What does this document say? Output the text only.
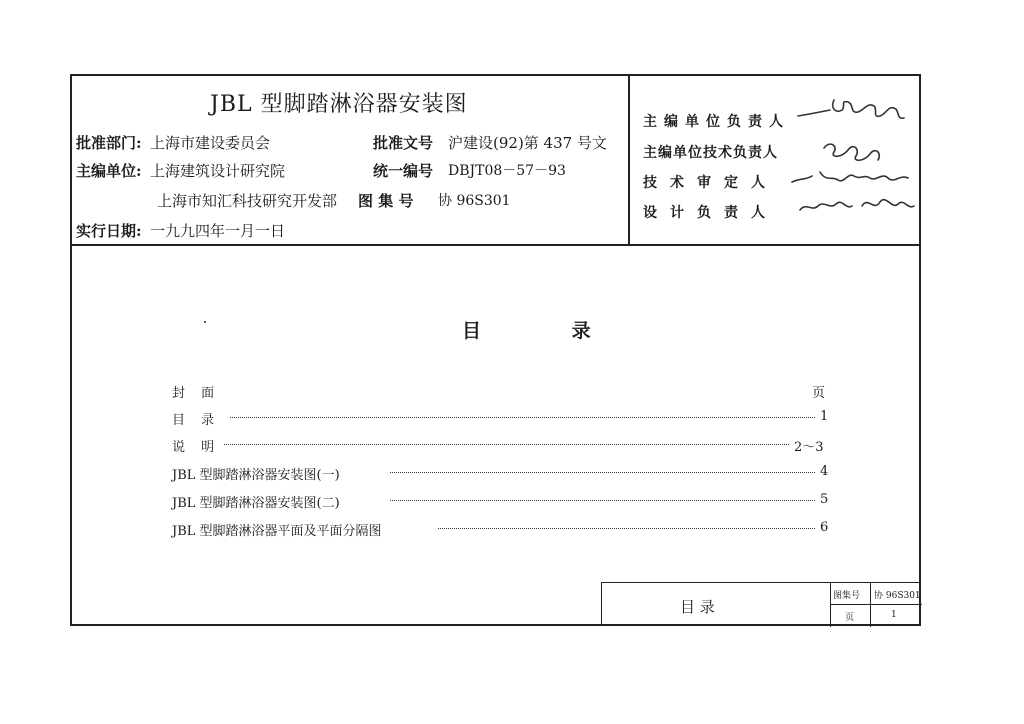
JBL 型脚踏淋浴器安装图
批准部门: 上海市建设委员会	批准文号 沪建设(92)第 437 号文
主编单位: 上海建筑设计研究院	统一编号 DBJT08－57－93
上海市知汇科技研究开发部 图 集 号 协 96S301
实行日期: 一九九四年一月一日
主编单位负责人
主编单位技术负责人
技术审定人
设计负责人
目 录
封 面	页
目 录	1
说 明	2～3
JBL 型脚踏淋浴器安装图(一)	4
JBL 型脚踏淋浴器安装图(二)	5
JBL 型脚踏淋浴器平面及平面分隔图	6
目 录
图集号 协 96S301
页	1
